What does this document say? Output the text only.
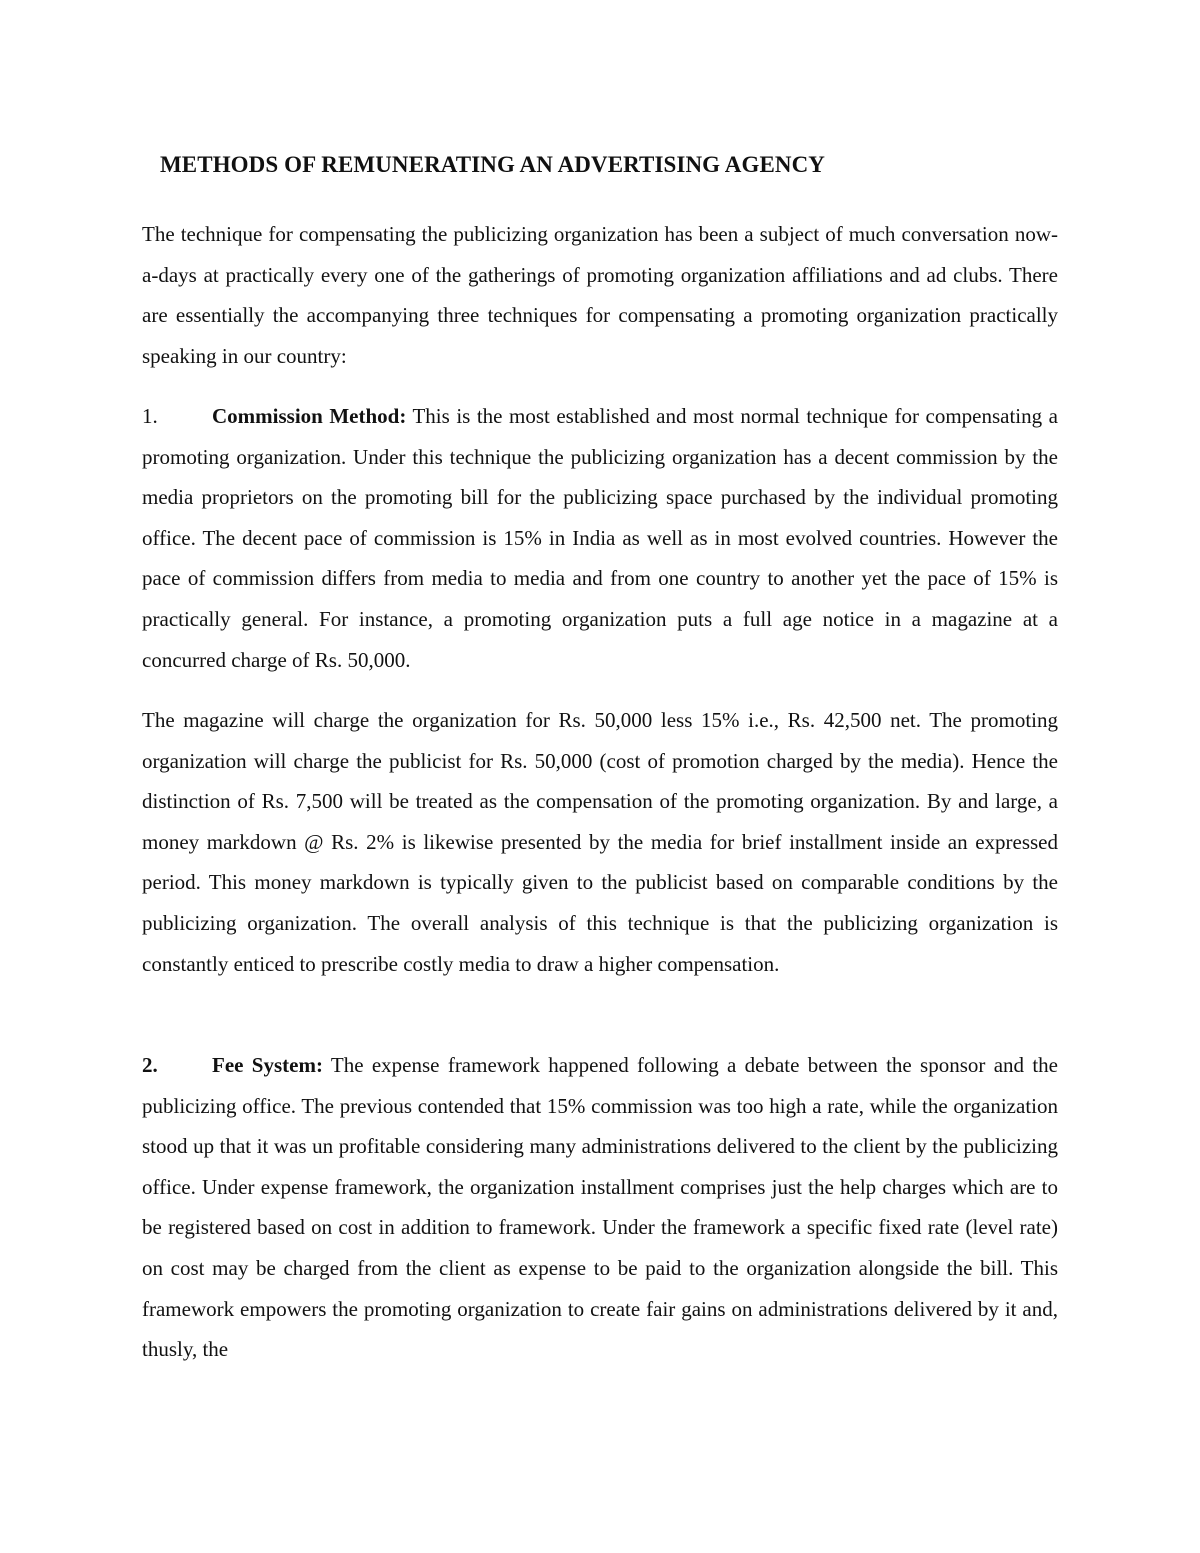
METHODS OF REMUNERATING AN ADVERTISING AGENCY

The technique for compensating the publicizing organization has been a subject of much conversation now-a-days at practically every one of the gatherings of promoting organization affiliations and ad clubs. There are essentially the accompanying three techniques for compensating a promoting organization practically speaking in our country:

1.	Commission Method: This is the most established and most normal technique for compensating a promoting organization. Under this technique the publicizing organization has a decent commission by the media proprietors on the promoting bill for the publicizing space purchased by the individual promoting office. The decent pace of commission is 15% in India as well as in most evolved countries. However the pace of commission differs from media to media and from one country to another yet the pace of 15% is practically general. For instance, a promoting organization puts a full age notice in a magazine at a concurred charge of Rs. 50,000.

The magazine will charge the organization for Rs. 50,000 less 15% i.e., Rs. 42,500 net. The promoting organization will charge the publicist for Rs. 50,000 (cost of promotion charged by the media). Hence the distinction of Rs. 7,500 will be treated as the compensation of the promoting organization. By and large, a money markdown @ Rs. 2% is likewise presented by the media for brief installment inside an expressed period. This money markdown is typically given to the publicist based on comparable conditions by the publicizing organization. The overall analysis of this technique is that the publicizing organization is constantly enticed to prescribe costly media to draw a higher compensation.

2.	Fee System: The expense framework happened following a debate between the sponsor and the publicizing office. The previous contended that 15% commission was too high a rate, while the organization stood up that it was un profitable considering many administrations delivered to the client by the publicizing office. Under expense framework, the organization installment comprises just the help charges which are to be registered based on cost in addition to framework. Under the framework a specific fixed rate (level rate) on cost may be charged from the client as expense to be paid to the organization alongside the bill. This framework empowers the promoting organization to create fair gains on administrations delivered by it and, thusly, the
